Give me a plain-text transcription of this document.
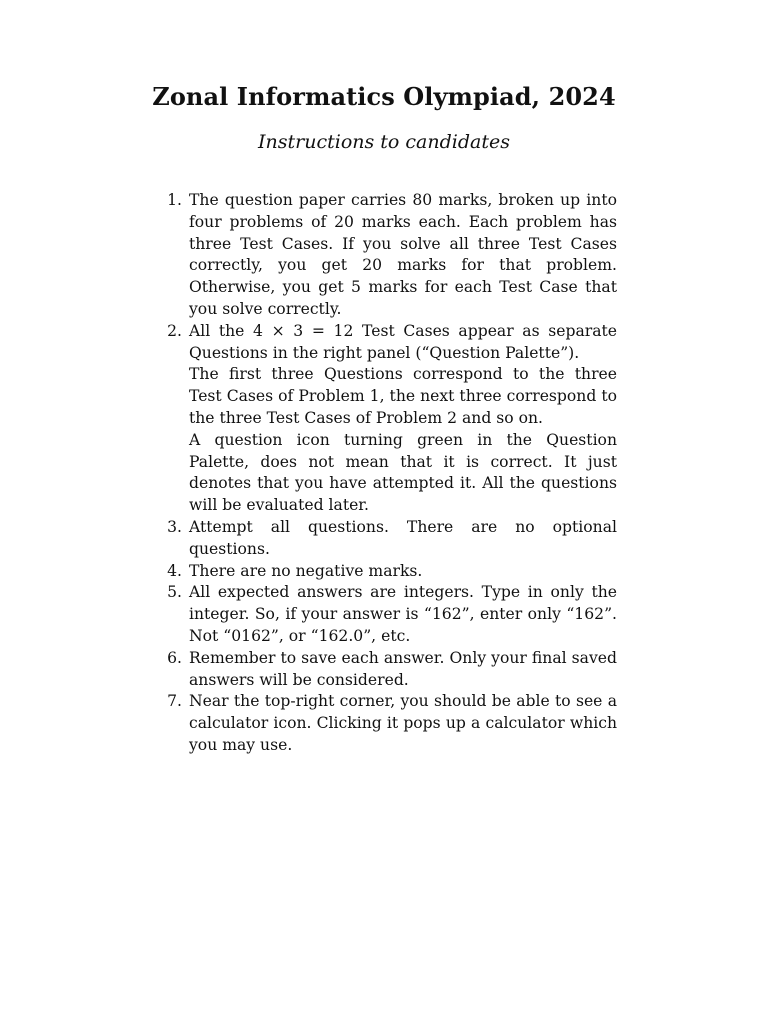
Zonal Informatics Olympiad, 2024
Instructions to candidates
1. The question paper carries 80 marks, broken up into four problems of 20 marks each. Each problem has three Test Cases. If you solve all three Test Cases correctly, you get 20 marks for that problem. Otherwise, you get 5 marks for each Test Case that you solve correctly.

2. All the 4 × 3 = 12 Test Cases appear as separate Questions in the right panel (“Question Palette”).

The first three Questions correspond to the three Test Cases of Problem 1, the next three correspond to the three Test Cases of Problem 2 and so on.

A question icon turning green in the Question Palette, does not mean that it is correct. It just denotes that you have attempted it. All the questions will be evaluated later.

3. Attempt all questions. There are no optional questions.

4. There are no negative marks.

5. All expected answers are integers. Type in only the integer. So, if your answer is “162”, enter only “162”. Not “0162”, or “162.0”, etc.

6. Remember to save each answer. Only your final saved answers will be considered.

7. Near the top-right corner, you should be able to see a calculator icon. Clicking it pops up a calculator which you may use.
